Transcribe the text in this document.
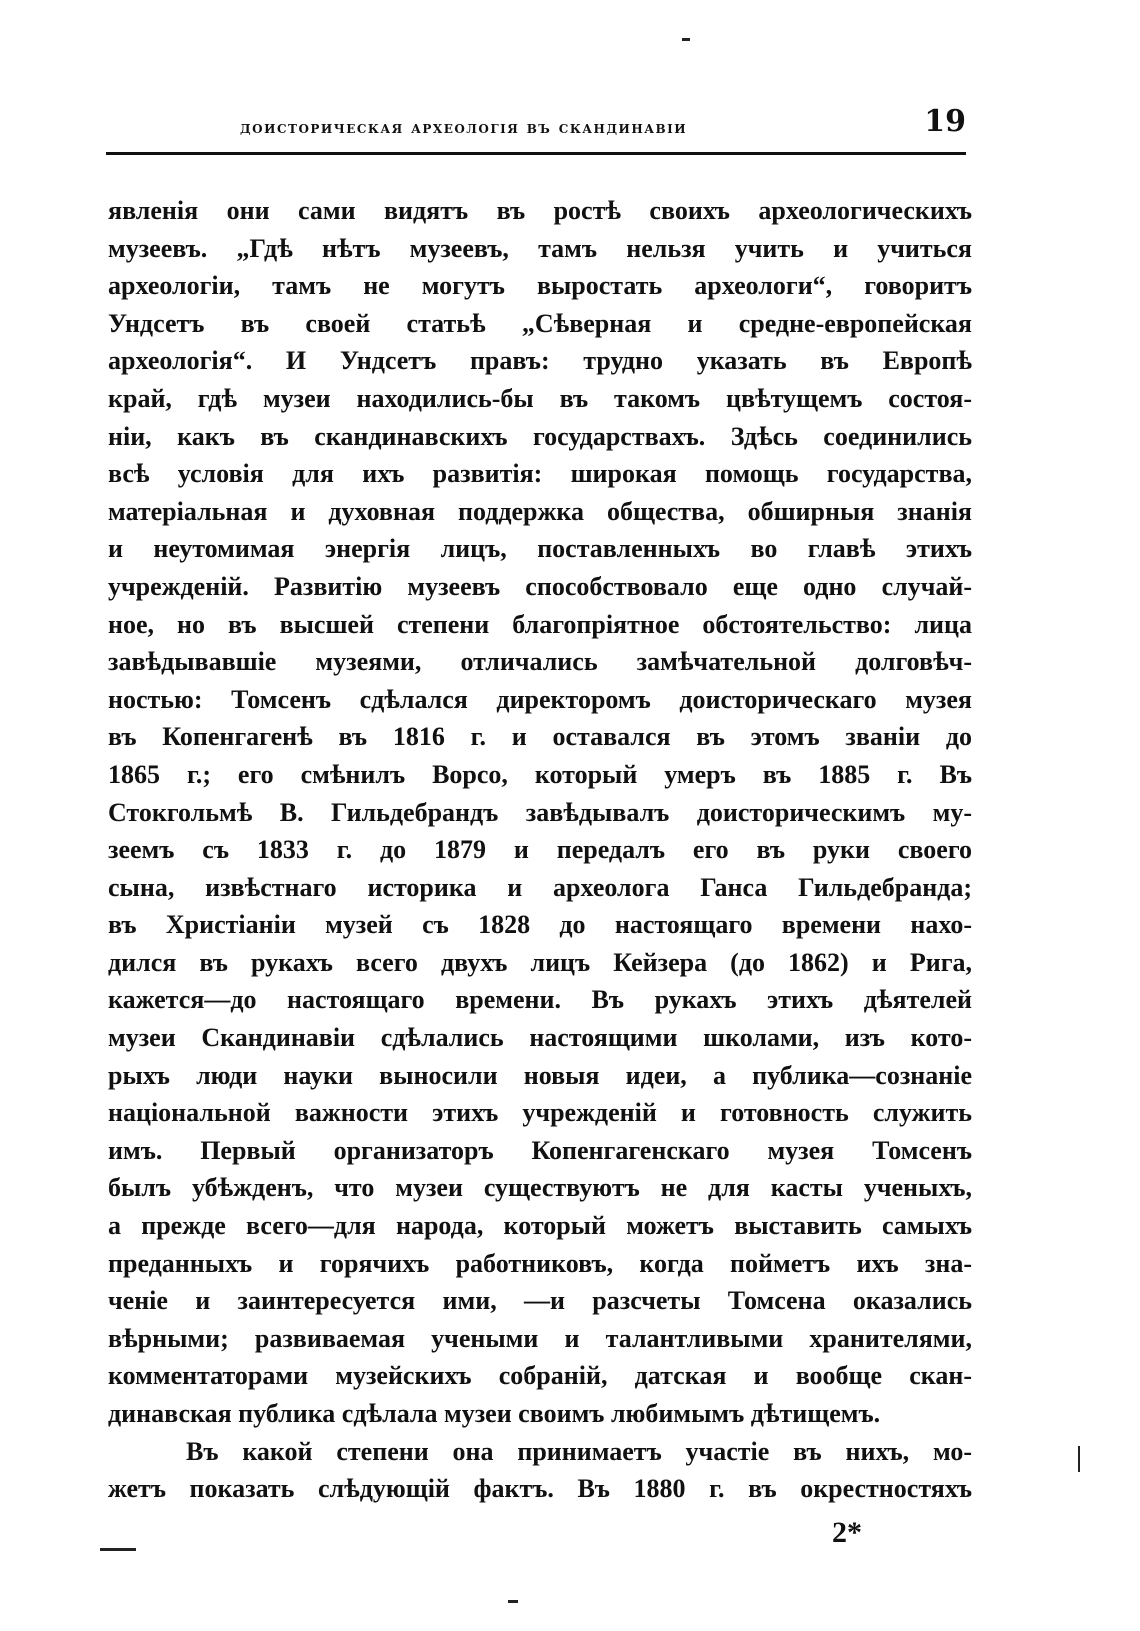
доисторическая археологія въ скандинавіи	19
явленія они сами видятъ въ ростѣ своихъ археологическихъ
музеевъ. „Гдѣ нѣтъ музеевъ, тамъ нельзя учить и учиться
археологіи, тамъ не могутъ выростать археологи“, говоритъ
Ундсетъ въ своей статьѣ „Сѣверная и средне-европейская
археологія“. И Ундсетъ правъ: трудно указать въ Европѣ
край, гдѣ музеи находились-бы въ такомъ цвѣтущемъ состоя-
ніи, какъ въ скандинавскихъ государствахъ. Здѣсь соединились
всѣ условія для ихъ развитія: широкая помощь государства,
матеріальная и духовная поддержка общества, обширныя знанія
и неутомимая энергія лицъ, поставленныхъ во главѣ этихъ
учрежденій. Развитію музеевъ способствовало еще одно случай-
ное, но въ высшей степени благопріятное обстоятельство: лица
завѣдывавшіе музеями, отличались замѣчательной долговѣч-
ностью: Томсенъ сдѣлался директоромъ доисторическаго музея
въ Копенгагенѣ въ 1816 г. и оставался въ этомъ званіи до
1865 г.; его смѣнилъ Ворсо, который умеръ въ 1885 г. Въ
Стокгольмѣ В. Гильдебрандъ завѣдывалъ доисторическимъ му-
зеемъ съ 1833 г. до 1879 и передалъ его въ руки своего
сына, извѣстнаго историка и археолога Ганса Гильдебранда;
въ Христіаніи музей съ 1828 до настоящаго времени нахо-
дился въ рукахъ всего двухъ лицъ Кейзера (до 1862) и Рига,
кажется—до настоящаго времени. Въ рукахъ этихъ дѣятелей
музеи Скандинавіи сдѣлались настоящими школами, изъ кото-
рыхъ люди науки выносили новыя идеи, а публика—сознаніе
національной важности этихъ учрежденій и готовность служить
имъ. Первый организаторъ Копенгагенскаго музея Томсенъ
былъ убѣжденъ, что музеи существуютъ не для касты ученыхъ,
а прежде всего—для народа, который можетъ выставить самыхъ
преданныхъ и горячихъ работниковъ, когда пойметъ ихъ зна-
ченіе и заинтересуется ими, —и разсчеты Томсена оказались
вѣрными; развиваемая учеными и талантливыми хранителями,
комментаторами музейскихъ собраній, датская и вообще скан-
динавская публика сдѣлала музеи своимъ любимымъ дѣтищемъ.
Въ какой степени она принимаетъ участіе въ нихъ, мо-
жетъ показать слѣдующій фактъ. Въ 1880 г. въ окрестностяхъ
2*
